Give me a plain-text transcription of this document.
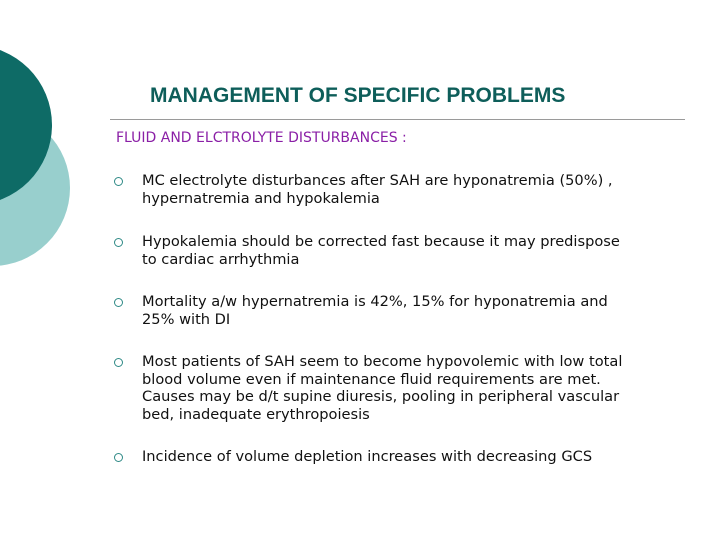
MANAGEMENT OF SPECIFIC PROBLEMS
FLUID AND ELCTROLYTE DISTURBANCES :

MC electrolyte disturbances after SAH are hyponatremia (50%) ,
hypernatremia and hypokalemia

Hypokalemia should be corrected fast because it may predispose
to cardiac arrhythmia

Mortality a/w hypernatremia is 42%, 15% for hyponatremia and
25% with DI

Most patients of SAH seem to become hypovolemic with low total
blood volume even if maintenance fluid requirements are met.
Causes may be d/t supine diuresis, pooling in peripheral vascular
bed, inadequate erythropoiesis

Incidence of volume depletion increases with decreasing GCS
